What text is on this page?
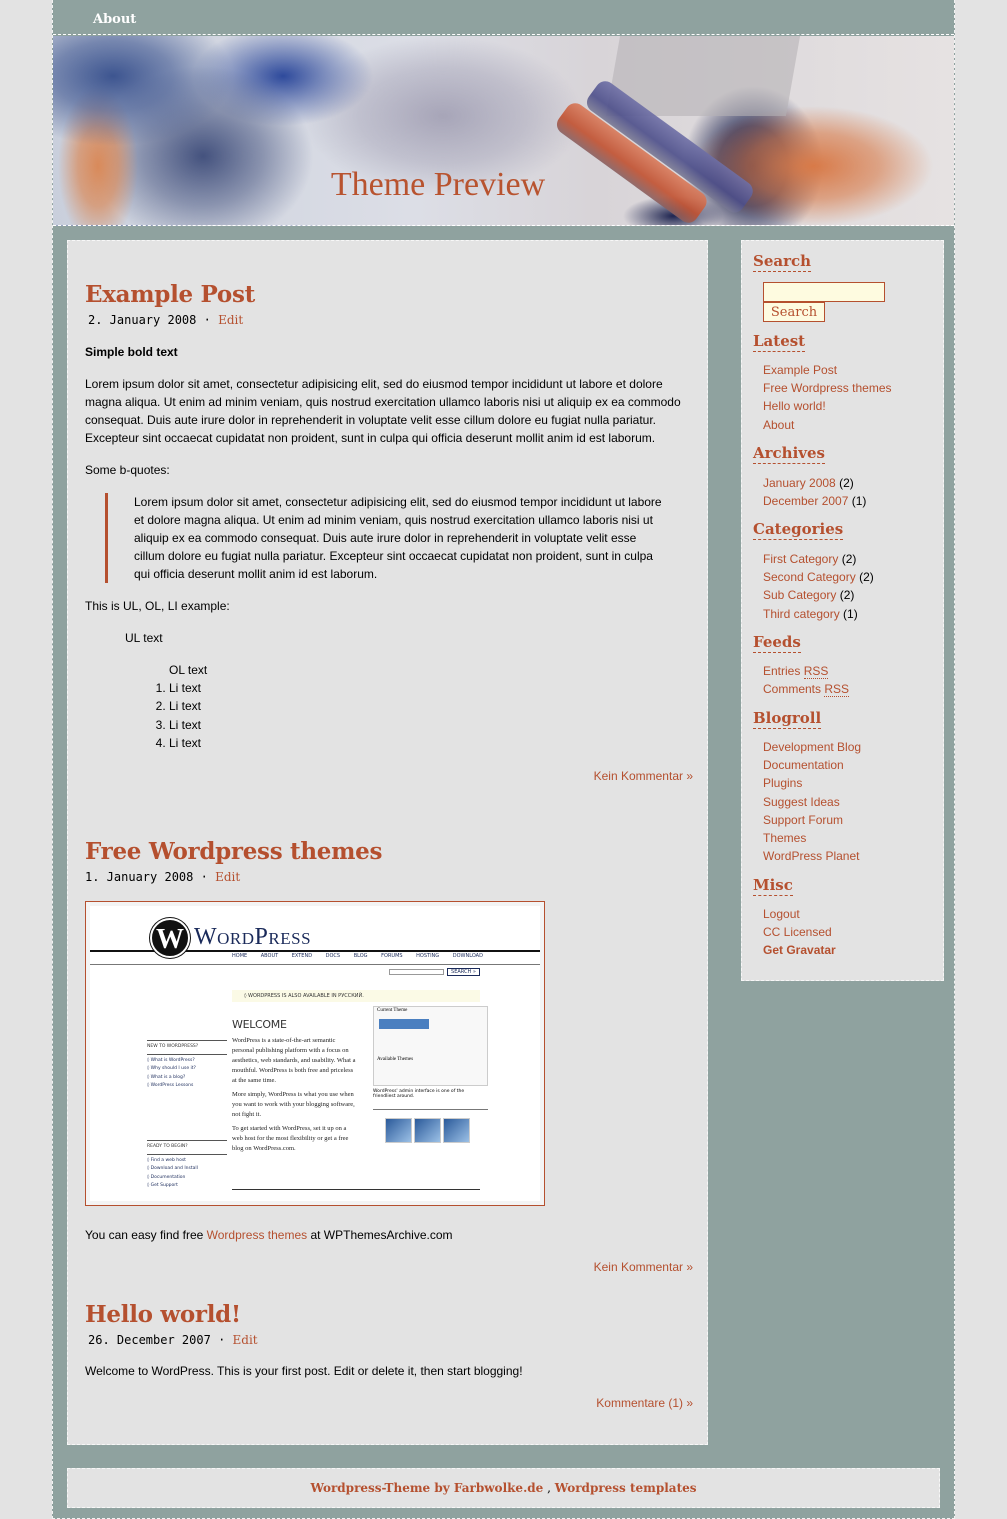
About
Theme Preview
Example Post
2. January 2008 · Edit

Simple bold text

Lorem ipsum dolor sit amet, consectetur adipisicing elit, sed do eiusmod tempor incididunt ut labore et dolore magna aliqua. Ut enim ad minim veniam, quis nostrud exercitation ullamco laboris nisi ut aliquip ex ea commodo consequat. Duis aute irure dolor in reprehenderit in voluptate velit esse cillum dolore eu fugiat nulla pariatur. Excepteur sint occaecat cupidatat non proident, sunt in culpa qui officia deserunt mollit anim id est laborum.

Some b-quotes:

Lorem ipsum dolor sit amet, consectetur adipisicing elit, sed do eiusmod tempor incididunt ut labore et dolore magna aliqua. Ut enim ad minim veniam, quis nostrud exercitation ullamco laboris nisi ut aliquip ex ea commodo consequat. Duis aute irure dolor in reprehenderit in voluptate velit esse cillum dolore eu fugiat nulla pariatur. Excepteur sint occaecat cupidatat non proident, sunt in culpa qui officia deserunt mollit anim id est laborum.

This is UL, OL, LI example:

UL text

OL text

1. Li text
2. Li text
3. Li text
4. Li text

Kein Kommentar »

Free Wordpress themes
1. January 2008 · Edit
W WordPress
HOME ABOUT EXTEND DOCS BLOG FORUMS HOSTING DOWNLOAD
SEARCH »
◊ WORDPRESS IS ALSO AVAILABLE IN РУССКИЙ.
WELCOME
WordPress is a state-of-the-art semantic personal publishing platform with a focus on aesthetics, web standards, and usability. What a mouthful. WordPress is both free and priceless at the same time.
More simply, WordPress is what you use when you want to work with your blogging software, not fight it.
To get started with WordPress, set it up on a web host for the most flexibility or get a free blog on WordPress.com.
NEW TO WORDPRESS?
◊ What is WordPress?
◊ Why should I use it?
◊ What is a blog?
◊ WordPress Lessons
READY TO BEGIN?
◊ Find a web host
◊ Download and Install
◊ Documentation
◊ Get Support
Current Theme
Available Themes
WordPress' admin interface is one of the friendliest around.

You can easy find free Wordpress themes at WPThemesArchive.com

Kein Kommentar »

Hello world!
26. December 2007 · Edit

Welcome to WordPress. This is your first post. Edit or delete it, then start blogging!

Kommentare (1) »

Search
Search
Latest
Example Post
Free Wordpress themes
Hello world!
About
Archives
January 2008 (2)
December 2007 (1)
Categories
First Category (2)
Second Category (2)
Sub Category (2)
Third category (1)
Feeds
Entries RSS
Comments RSS
Blogroll
Development Blog
Documentation
Plugins
Suggest Ideas
Support Forum
Themes
WordPress Planet
Misc
Logout
CC Licensed
Get Gravatar
Wordpress-Theme by Farbwolke.de , Wordpress templates
